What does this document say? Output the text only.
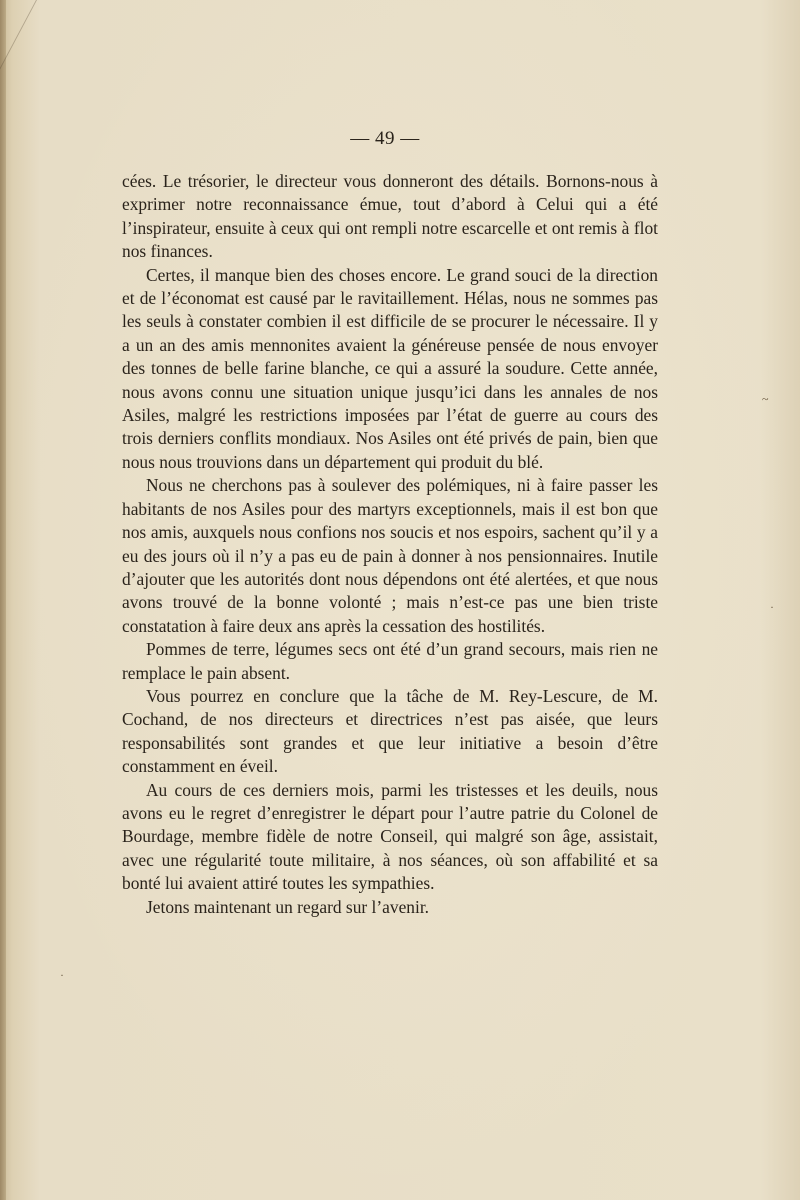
— 49 —

cées. Le trésorier, le directeur vous donneront des détails. Bornons-nous à exprimer notre reconnaissance émue, tout d’abord à Celui qui a été l’inspirateur, ensuite à ceux qui ont rempli notre escarcelle et ont remis à flot nos finances.

Certes, il manque bien des choses encore. Le grand souci de la direction et de l’économat est causé par le ravitaillement. Hélas, nous ne sommes pas les seuls à constater combien il est difficile de se procurer le nécessaire. Il y a un an des amis mennonites avaient la généreuse pensée de nous envoyer des tonnes de belle farine blanche, ce qui a assuré la soudure. Cette année, nous avons connu une situation unique jusqu’ici dans les annales de nos Asiles, malgré les restrictions imposées par l’état de guerre au cours des trois derniers conflits mondiaux. Nos Asiles ont été privés de pain, bien que nous nous trouvions dans un département qui produit du blé.

Nous ne cherchons pas à soulever des polémiques, ni à faire passer les habitants de nos Asiles pour des martyrs exceptionnels, mais il est bon que nos amis, auxquels nous confions nos soucis et nos espoirs, sachent qu’il y a eu des jours où il n’y a pas eu de pain à donner à nos pensionnaires. Inutile d’ajouter que les autorités dont nous dépendons ont été alertées, et que nous avons trouvé de la bonne volonté ; mais n’est-ce pas une bien triste constatation à faire deux ans après la cessation des hostilités.

Pommes de terre, légumes secs ont été d’un grand secours, mais rien ne remplace le pain absent.

Vous pourrez en conclure que la tâche de M. Rey-Lescure, de M. Cochand, de nos directeurs et directrices n’est pas aisée, que leurs responsabilités sont grandes et que leur initiative a besoin d’être constamment en éveil.

Au cours de ces derniers mois, parmi les tristesses et les deuils, nous avons eu le regret d’enregistrer le départ pour l’autre patrie du Colonel de Bourdage, membre fidèle de notre Conseil, qui malgré son âge, assistait, avec une régularité toute militaire, à nos séances, où son affabilité et sa bonté lui avaient attiré toutes les sympathies.

Jetons maintenant un regard sur l’avenir.

~
·
·
